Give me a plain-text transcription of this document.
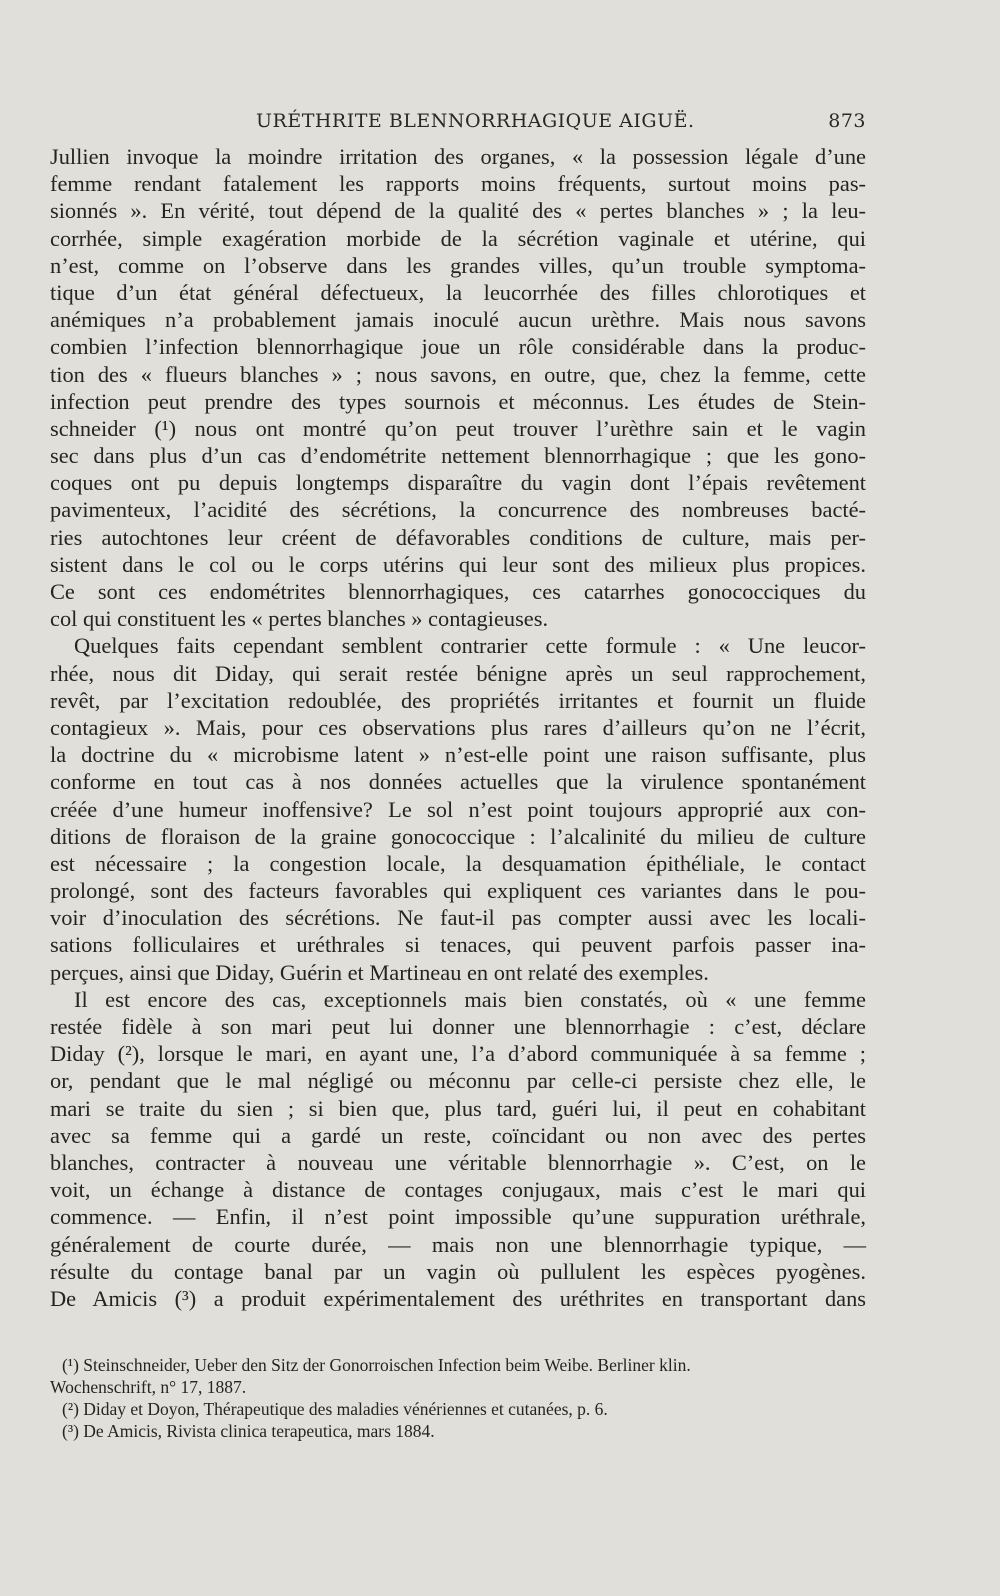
URÉTHRITE BLENNORRHAGIQUE AIGUË.	873
Jullien invoque la moindre irritation des organes, « la possession légale d’une
femme rendant fatalement les rapports moins fréquents, surtout moins pas-
sionnés ». En vérité, tout dépend de la qualité des « pertes blanches » ; la leu-
corrhée, simple exagération morbide de la sécrétion vaginale et utérine, qui
n’est, comme on l’observe dans les grandes villes, qu’un trouble symptoma-
tique d’un état général défectueux, la leucorrhée des filles chlorotiques et
anémiques n’a probablement jamais inoculé aucun urèthre. Mais nous savons
combien l’infection blennorrhagique joue un rôle considérable dans la produc-
tion des « flueurs blanches » ; nous savons, en outre, que, chez la femme, cette
infection peut prendre des types sournois et méconnus. Les études de Stein-
schneider (¹) nous ont montré qu’on peut trouver l’urèthre sain et le vagin
sec dans plus d’un cas d’endométrite nettement blennorrhagique ; que les gono-
coques ont pu depuis longtemps disparaître du vagin dont l’épais revêtement
pavimenteux, l’acidité des sécrétions, la concurrence des nombreuses bacté-
ries autochtones leur créent de défavorables conditions de culture, mais per-
sistent dans le col ou le corps utérins qui leur sont des milieux plus propices.
Ce sont ces endométrites blennorrhagiques, ces catarrhes gonococciques du
col qui constituent les « pertes blanches » contagieuses.
Quelques faits cependant semblent contrarier cette formule : « Une leucor-
rhée, nous dit Diday, qui serait restée bénigne après un seul rapprochement,
revêt, par l’excitation redoublée, des propriétés irritantes et fournit un fluide
contagieux ». Mais, pour ces observations plus rares d’ailleurs qu’on ne l’écrit,
la doctrine du « microbisme latent » n’est-elle point une raison suffisante, plus
conforme en tout cas à nos données actuelles que la virulence spontanément
créée d’une humeur inoffensive? Le sol n’est point toujours approprié aux con-
ditions de floraison de la graine gonococcique : l’alcalinité du milieu de culture
est nécessaire ; la congestion locale, la desquamation épithéliale, le contact
prolongé, sont des facteurs favorables qui expliquent ces variantes dans le pou-
voir d’inoculation des sécrétions. Ne faut-il pas compter aussi avec les locali-
sations folliculaires et uréthrales si tenaces, qui peuvent parfois passer ina-
perçues, ainsi que Diday, Guérin et Martineau en ont relaté des exemples.
Il est encore des cas, exceptionnels mais bien constatés, où « une femme
restée fidèle à son mari peut lui donner une blennorrhagie : c’est, déclare
Diday (²), lorsque le mari, en ayant une, l’a d’abord communiquée à sa femme ;
or, pendant que le mal négligé ou méconnu par celle-ci persiste chez elle, le
mari se traite du sien ; si bien que, plus tard, guéri lui, il peut en cohabitant
avec sa femme qui a gardé un reste, coïncidant ou non avec des pertes
blanches, contracter à nouveau une véritable blennorrhagie ». C’est, on le
voit, un échange à distance de contages conjugaux, mais c’est le mari qui
commence. — Enfin, il n’est point impossible qu’une suppuration uréthrale,
généralement de courte durée, — mais non une blennorrhagie typique, —
résulte du contage banal par un vagin où pullulent les espèces pyogènes.
De Amicis (³) a produit expérimentalement des uréthrites en transportant dans
(¹) Steinschneider, Ueber den Sitz der Gonorroischen Infection beim Weibe. Berliner klin.
Wochenschrift, n° 17, 1887.
(²) Diday et Doyon, Thérapeutique des maladies vénériennes et cutanées, p. 6.
(³) De Amicis, Rivista clinica terapeutica, mars 1884.
